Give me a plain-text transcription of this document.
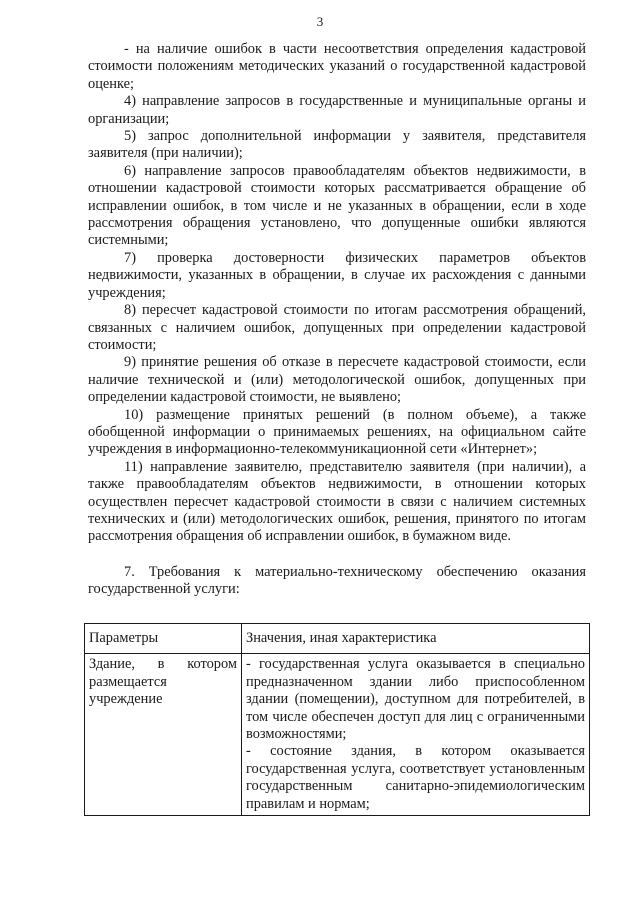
3

- на наличие ошибок в части несоответствия определения кадастровой стоимости положениям методических указаний о государственной кадастровой оценке;

4) направление запросов в государственные и муниципальные органы и организации;

5) запрос дополнительной информации у заявителя, представителя заявителя (при наличии);

6) направление запросов правообладателям объектов недвижимости, в отношении кадастровой стоимости которых рассматривается обращение об исправлении ошибок, в том числе и не указанных в обращении, если в ходе рассмотрения обращения установлено, что допущенные ошибки являются системными;

7) проверка достоверности физических параметров объектов недвижимости, указанных в обращении, в случае их расхождения с данными учреждения;

8) пересчет кадастровой стоимости по итогам рассмотрения обращений, связанных с наличием ошибок, допущенных при определении кадастровой стоимости;

9) принятие решения об отказе в пересчете кадастровой стоимости, если наличие технической и (или) методологической ошибок, допущенных при определении кадастровой стоимости, не выявлено;

10) размещение принятых решений (в полном объеме), а также обобщенной информации о принимаемых решениях, на официальном сайте учреждения в информационно-телекоммуникационной сети «Интернет»;

11) направление заявителю, представителю заявителя (при наличии), а также правообладателям объектов недвижимости, в отношении которых осуществлен пересчет кадастровой стоимости в связи с наличием системных технических и (или) методологических ошибок, решения, принятого по итогам рассмотрения обращения об исправлении ошибок, в бумажном виде.

7. Требования к материально-техническому обеспечению оказания государственной услуги:

Параметры	Значения, иная характеристика
Здание, в котором размещается учреждение	- государственная услуга оказывается в специально предназначенном здании либо приспособленном здании (помещении), доступном для потребителей, в том числе обеспечен доступ для лиц с ограниченными возможностями;

- состояние здания, в котором оказывается государственная услуга, соответствует установленным государственным санитарно-эпидемиологическим правилам и нормам;
